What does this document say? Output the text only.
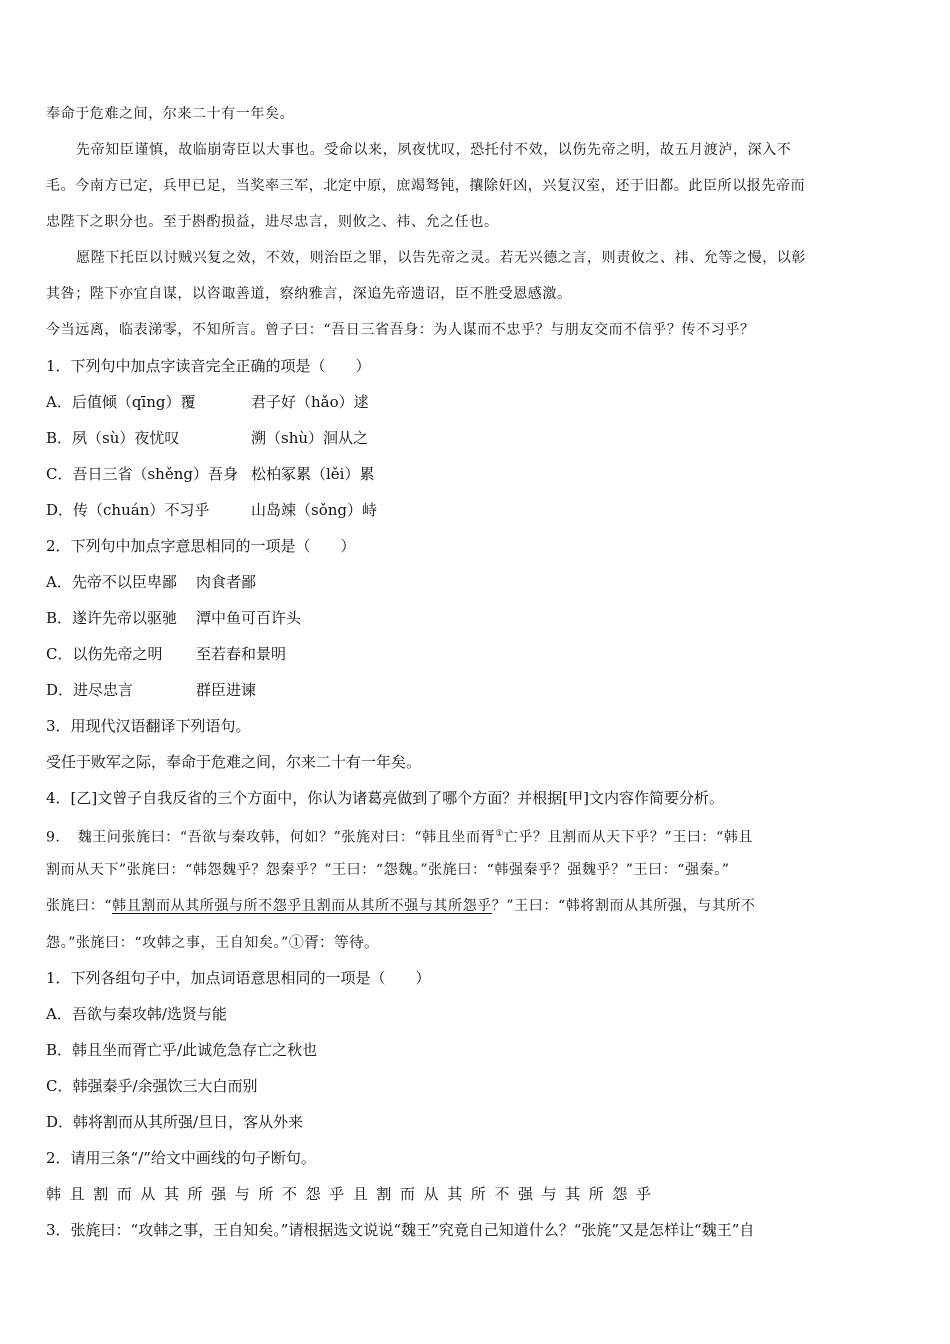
奉命于危难之间，尔来二十有一年矣。
先帝知臣谨慎，故临崩寄臣以大事也。受命以来，夙夜忧叹，恐托付不效，以伤先帝之明，故五月渡泸，深入不
毛。今南方已定，兵甲已足，当奖率三军，北定中原，庶竭驽钝，攘除奸凶，兴复汉室，还于旧都。此臣所以报先帝而
忠陛下之职分也。至于斟酌损益，进尽忠言，则攸之、祎、允之任也。
愿陛下托臣以讨贼兴复之效，不效，则治臣之罪，以告先帝之灵。若无兴德之言，则责攸之、祎、允等之慢，以彰
其咎；陛下亦宜自谋，以咨诹善道，察纳雅言，深追先帝遗诏，臣不胜受恩感激。
今当远离，临表涕零，不知所言。曾子曰：“吾日三省吾身：为人谋而不忠乎？与朋友交而不信乎？传不习乎？
1．下列句中加点字读音完全正确的项是（　　）
A．后值倾（qīng）覆	君子好（hǎo）逑
B．夙（sù）夜忧叹	溯（shù）洄从之
C．吾日三省（shěng）吾身 松柏冢累（lěi）累
D．传（chuán）不习乎	山岛竦（sǒng）峙
2．下列句中加点字意思相同的一项是（　　）
A．先帝不以臣卑鄙 肉食者鄙
B．遂许先帝以驱驰 潭中鱼可百许头
C．以伤先帝之明 至若春和景明
D．进尽忠言	群臣进谏
3．用现代汉语翻译下列语句。
受任于败军之际，奉命于危难之间，尔来二十有一年矣。
4．[乙]文曾子自我反省的三个方面中，你认为诸葛亮做到了哪个方面？并根据[甲]文内容作简要分析。
9．　魏王问张旄曰：“吾欲与秦攻韩，何如？”张旄对曰：“韩且坐而胥①亡乎？且割而从天下乎？”王曰：“韩且
割而从天下”张旄曰：“韩怨魏乎？怨秦乎？”王曰：“怨魏。”张旄曰：“韩强秦乎？强魏乎？”王曰：“强秦。”
张旄曰：“韩且割而从其所强与所不怨乎且割而从其所不强与其所怨乎？”王曰：“韩将割而从其所强，与其所不
怨。”张旄曰：“攻韩之事，王自知矣。”①胥：等待。
1．下列各组句子中，加点词语意思相同的一项是（　　）
A．吾欲与秦攻韩/选贤与能
B．韩且坐而胥亡乎/此诚危急存亡之秋也
C．韩强秦乎/余强饮三大白而别
D．韩将割而从其所强/旦日，客从外来
2．请用三条“/”给文中画线的句子断句。
韩且割而从其所强与所不怨乎且割而从其所不强与其所怨乎
3．张旄曰：“攻韩之事，王自知矣。”请根据选文说说“魏王”究竟自己知道什么？“张旄”又是怎样让“魏王”自
